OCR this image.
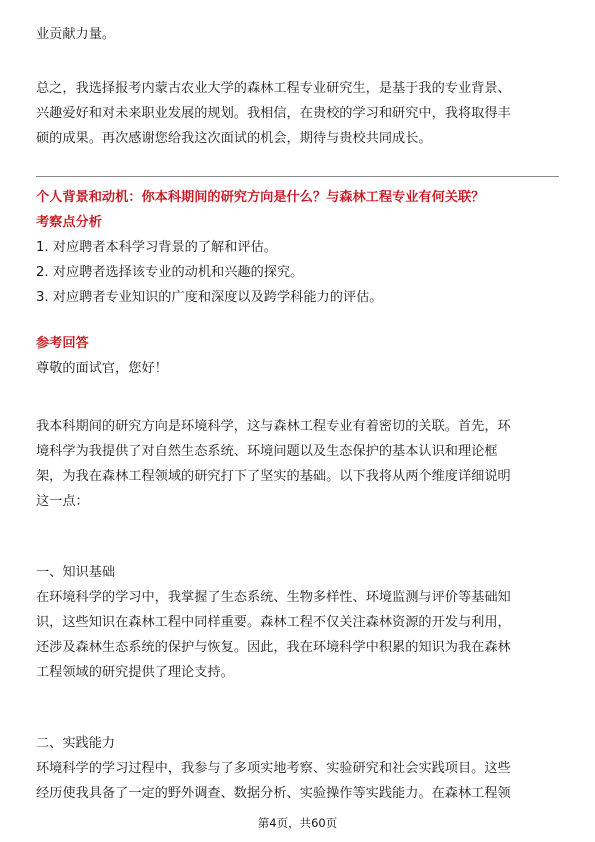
业贡献力量。

总之，我选择报考内蒙古农业大学的森林工程专业研究生，是基于我的专业背景、
兴趣爱好和对未来职业发展的规划。我相信，在贵校的学习和研究中，我将取得丰
硕的成果。再次感谢您给我这次面试的机会，期待与贵校共同成长。

个人背景和动机：你本科期间的研究方向是什么？与森林工程专业有何关联？

考察点分析

1. 对应聘者本科学习背景的了解和评估。
2. 对应聘者选择该专业的动机和兴趣的探究。
3. 对应聘者专业知识的广度和深度以及跨学科能力的评估。

参考回答

尊敬的面试官，您好！

我本科期间的研究方向是环境科学，这与森林工程专业有着密切的关联。首先，环
境科学为我提供了对自然生态系统、环境问题以及生态保护的基本认识和理论框
架，为我在森林工程领域的研究打下了坚实的基础。以下我将从两个维度详细说明
这一点：

一、知识基础

在环境科学的学习中，我掌握了生态系统、生物多样性、环境监测与评价等基础知
识，这些知识在森林工程中同样重要。森林工程不仅关注森林资源的开发与利用，
还涉及森林生态系统的保护与恢复。因此，我在环境科学中积累的知识为我在森林
工程领域的研究提供了理论支持。

二、实践能力

环境科学的学习过程中，我参与了多项实地考察、实验研究和社会实践项目。这些
经历使我具备了一定的野外调查、数据分析、实验操作等实践能力。在森林工程领

第4页，共60页
